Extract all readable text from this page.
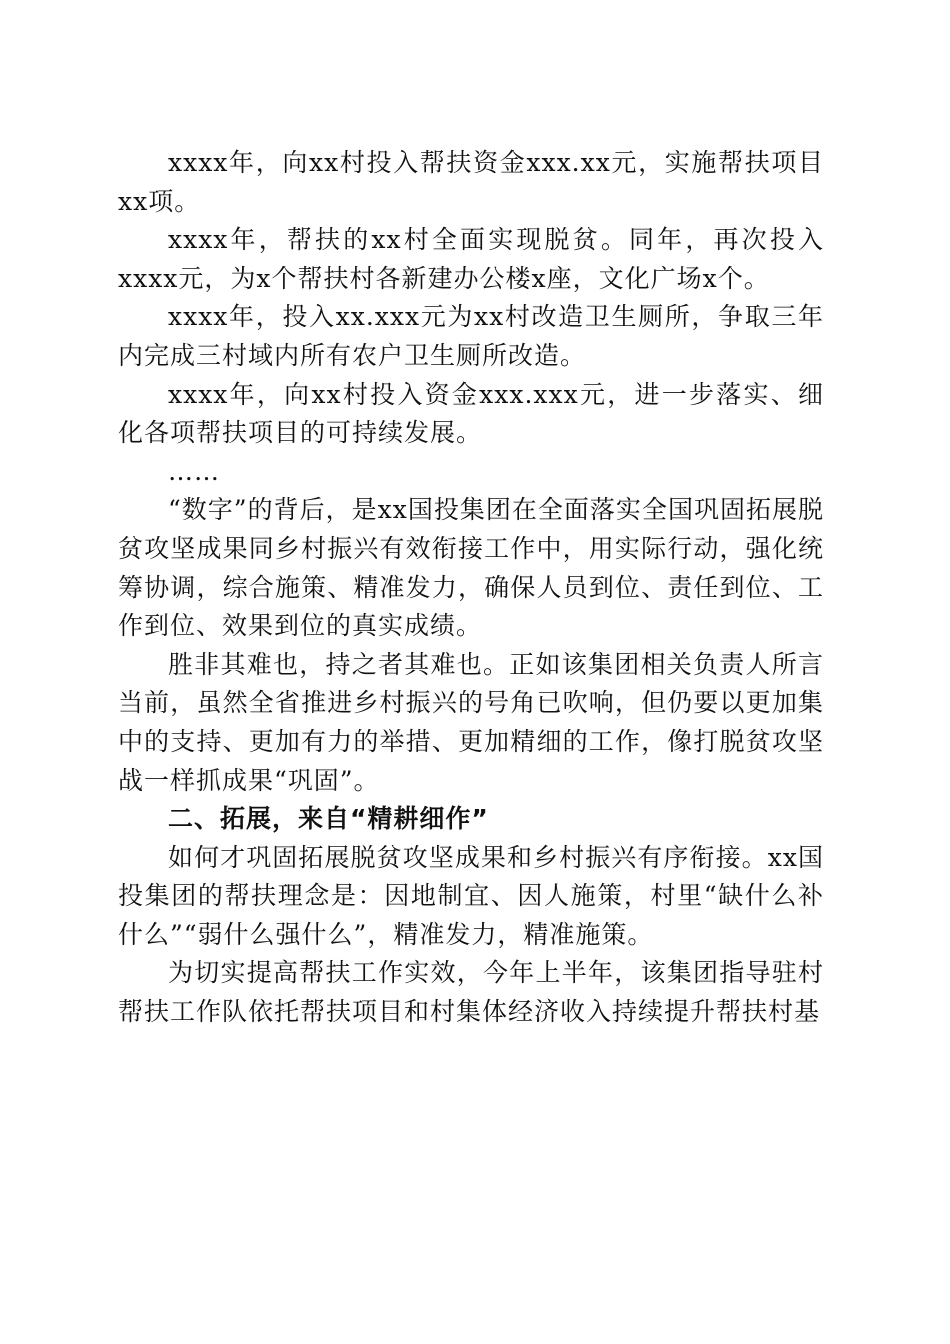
xxxx年，向xx村投入帮扶资金xxx.xx元，实施帮扶项目xx项。

xxxx年，帮扶的xx村全面实现脱贫。同年，再次投入xxxx元，为x个帮扶村各新建办公楼x座，文化广场x个。

xxxx年，投入xx.xxx元为xx村改造卫生厕所，争取三年内完成三村域内所有农户卫生厕所改造。

xxxx年，向xx村投入资金xxx.xxx元，进一步落实、细化各项帮扶项目的可持续发展。

……

“数字”的背后，是xx国投集团在全面落实全国巩固拓展脱贫攻坚成果同乡村振兴有效衔接工作中，用实际行动，强化统筹协调，综合施策、精准发力，确保人员到位、责任到位、工作到位、效果到位的真实成绩。

胜非其难也，持之者其难也。正如该集团相关负责人所言当前，虽然全省推进乡村振兴的号角已吹响，但仍要以更加集中的支持、更加有力的举措、更加精细的工作，像打脱贫攻坚战一样抓成果“巩固”。

二、拓展，来自“精耕细作”

如何才巩固拓展脱贫攻坚成果和乡村振兴有序衔接。xx国投集团的帮扶理念是：因地制宜、因人施策，村里“缺什么补什么”“弱什么强什么”，精准发力，精准施策。

为切实提高帮扶工作实效，今年上半年，该集团指导驻村帮扶工作队依托帮扶项目和村集体经济收入持续提升帮扶村基
